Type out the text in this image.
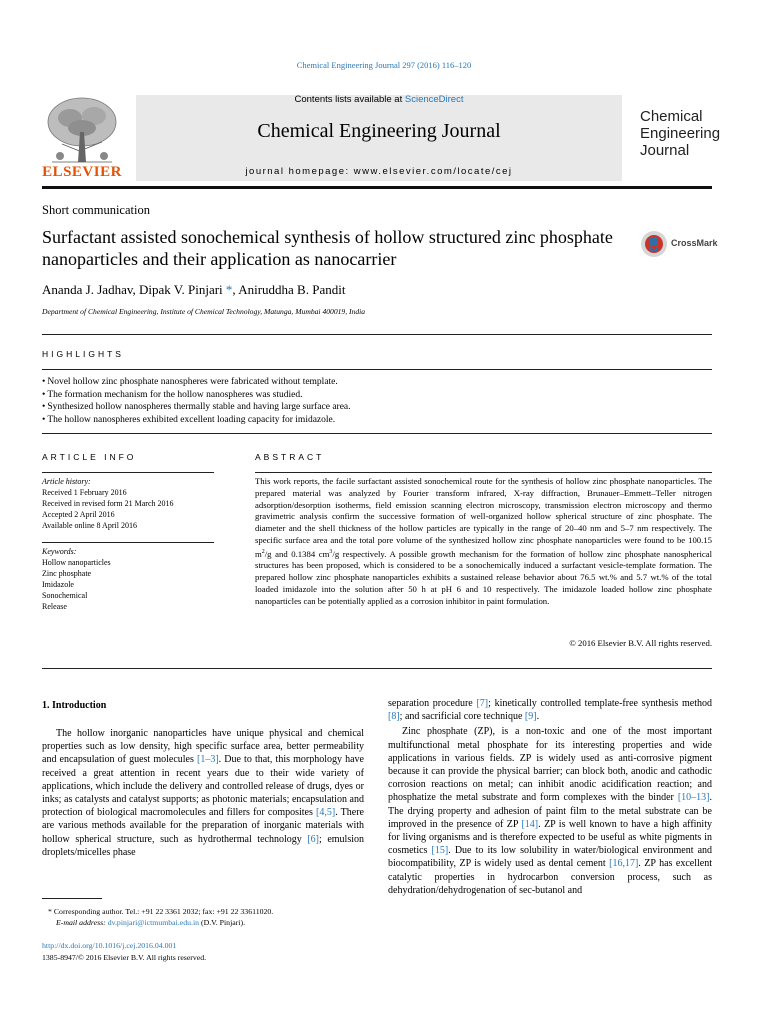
Chemical Engineering Journal 297 (2016) 116–120
Contents lists available at ScienceDirect
Chemical Engineering Journal
journal homepage: www.elsevier.com/locate/cej
ELSEVIER
Chemical
Engineering
Journal
Short communication
Surfactant assisted sonochemical synthesis of hollow structured zinc phosphate nanoparticles and their application as nanocarrier
CrossMark
Ananda J. Jadhav, Dipak V. Pinjari *, Aniruddha B. Pandit
Department of Chemical Engineering, Institute of Chemical Technology, Matunga, Mumbai 400019, India
HIGHLIGHTS
• Novel hollow zinc phosphate nanospheres were fabricated without template.
• The formation mechanism for the hollow nanospheres was studied.
• Synthesized hollow nanospheres thermally stable and having large surface area.
• The hollow nanospheres exhibited excellent loading capacity for imidazole.
ARTICLE INFO
Article history:
Received 1 February 2016
Received in revised form 21 March 2016
Accepted 2 April 2016
Available online 8 April 2016
Keywords:
Hollow nanoparticles
Zinc phosphate
Imidazole
Sonochemical
Release
ABSTRACT
This work reports, the facile surfactant assisted sonochemical route for the synthesis of hollow zinc phosphate nanoparticles. The prepared material was analyzed by Fourier transform infrared, X-ray diffraction, Brunauer–Emmett–Teller nitrogen adsorption/desorption isotherms, field emission scanning electron microscopy, transmission electron microscopy and thermo gravimetric analysis confirm the successive formation of well-organized hollow spherical structure of zinc phosphate. The diameter and the shell thickness of the hollow particles are typically in the range of 20–40 nm and 5–7 nm respectively. The specific surface area and the total pore volume of the synthesized hollow zinc phosphate nanoparticles were found to be 100.15 $m^2/g$ and 0.1384 $cm^3/g$ respectively. A possible growth mechanism for the formation of hollow zinc phosphate nanospherical structures has been proposed, which is considered to be a sonochemically induced a surfactant vesicle-template formation. The prepared hollow zinc phosphate nanoparticles exhibits a sustained release behavior about 76.5 wt.% and 5.7 wt.% of the total loaded imidazole into the solution after 50 h at pH 6 and 10 respectively. The imidazole loaded hollow zinc phosphate nanoparticles can be potentially applied as a corrosion inhibitor in paint formulation.
© 2016 Elsevier B.V. All rights reserved.
1. Introduction
The hollow inorganic nanoparticles have unique physical and chemical properties such as low density, high specific surface area, better permeability and encapsulation of guest molecules [1–3]. Due to that, this morphology have received a great attention in recent years due to their wide variety of applications, which include the delivery and controlled release of drugs, dyes or inks; as catalysts and catalyst supports; as photonic materials; encapsulation and protection of biological macromolecules and fillers for composites [4,5]. There are various methods available for the preparation of inorganic materials with hollow spherical structure, such as hydrothermal technology [6]; emulsion droplets/micelles phase

separation procedure [7]; kinetically controlled template-free synthesis method [8]; and sacrificial core technique [9].

Zinc phosphate (ZP), is a non-toxic and one of the most important multifunctional metal phosphate for its interesting properties and wide applications in various fields. ZP is widely used as anti-corrosive pigment because it can provide the physical barrier; can block both, anodic and cathodic corrosion reactions on metal; can inhibit anodic acidification reaction; and phosphatize the metal substrate and form complexes with the binder [10–13]. The drying property and adhesion of paint film to the metal substrate can be improved in the presence of ZP [14]. ZP is well known to have a high affinity for living organisms and is therefore expected to be useful as white pigments in cosmetics [15]. Due to its low solubility in water/biological environment and biocompatibility, ZP is widely used as dental cement [16,17]. ZP has excellent catalytic properties in hydrocarbon conversion process, such as dehydration/dehydrogenation of sec-butanol and

* Corresponding author. Tel.: +91 22 3361 2032; fax: +91 22 33611020.
E-mail address: dv.pinjari@ictmumbai.edu.in (D.V. Pinjari).
http://dx.doi.org/10.1016/j.cej.2016.04.001
1385-8947/© 2016 Elsevier B.V. All rights reserved.
